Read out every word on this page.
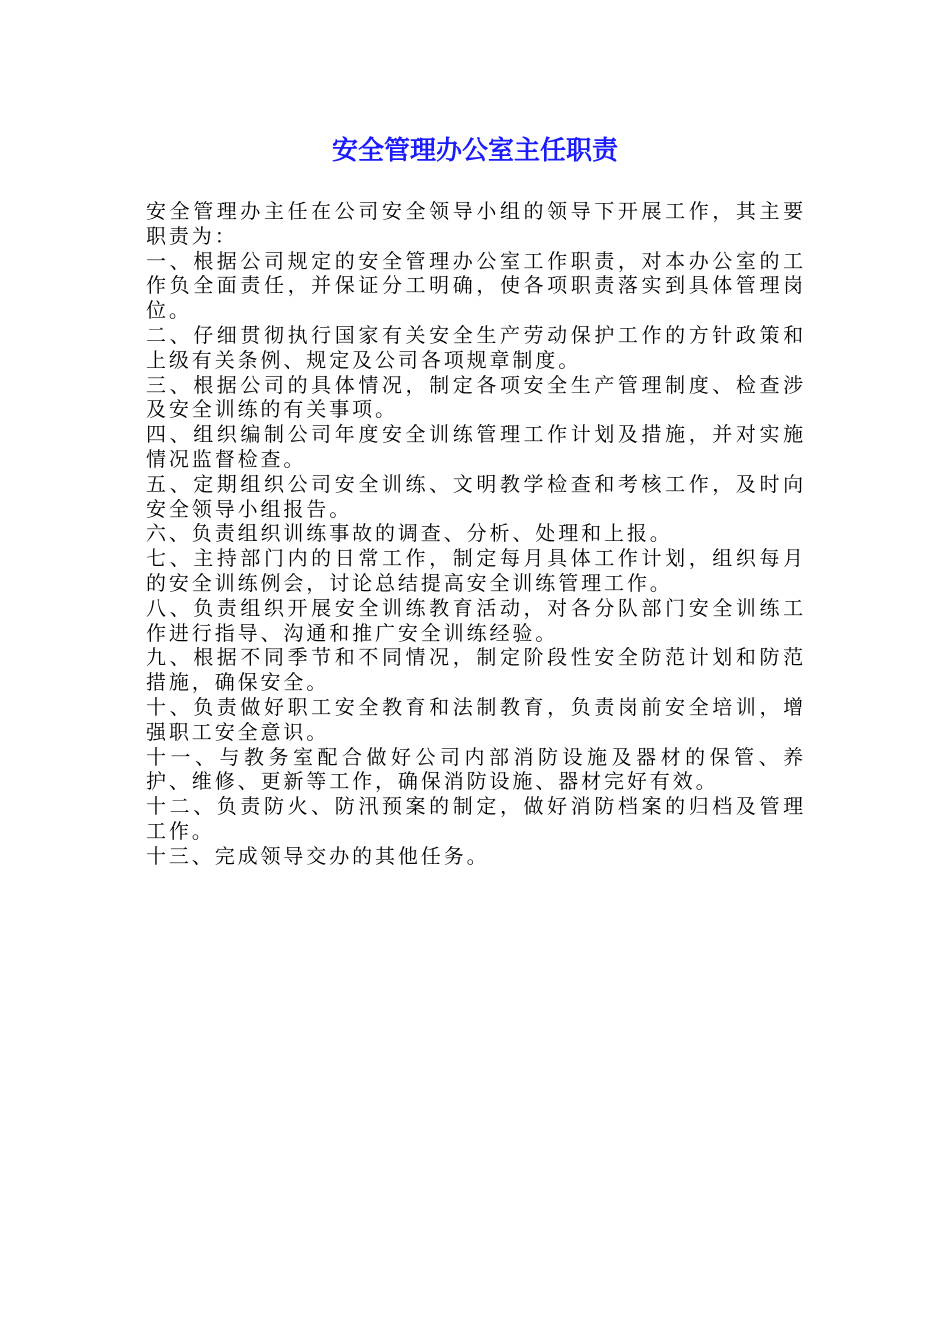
安全管理办公室主任职责

安全管理办主任在公司安全领导小组的领导下开展工作，其主要职责为：

一、根据公司规定的安全管理办公室工作职责，对本办公室的工作负全面责任，并保证分工明确，使各项职责落实到具体管理岗位。

二、仔细贯彻执行国家有关安全生产劳动保护工作的方针政策和上级有关条例、规定及公司各项规章制度。

三、根据公司的具体情况，制定各项安全生产管理制度、检查涉及安全训练的有关事项。

四、组织编制公司年度安全训练管理工作计划及措施，并对实施情况监督检查。

五、定期组织公司安全训练、文明教学检查和考核工作，及时向安全领导小组报告。

六、负责组织训练事故的调查、分析、处理和上报。

七、主持部门内的日常工作，制定每月具体工作计划，组织每月的安全训练例会，讨论总结提高安全训练管理工作。

八、负责组织开展安全训练教育活动，对各分队部门安全训练工作进行指导、沟通和推广安全训练经验。

九、根据不同季节和不同情况，制定阶段性安全防范计划和防范措施，确保安全。

十、负责做好职工安全教育和法制教育，负责岗前安全培训，增强职工安全意识。

十一、与教务室配合做好公司内部消防设施及器材的保管、养护、维修、更新等工作，确保消防设施、器材完好有效。

十二、负责防火、防汛预案的制定，做好消防档案的归档及管理工作。

十三、完成领导交办的其他任务。
